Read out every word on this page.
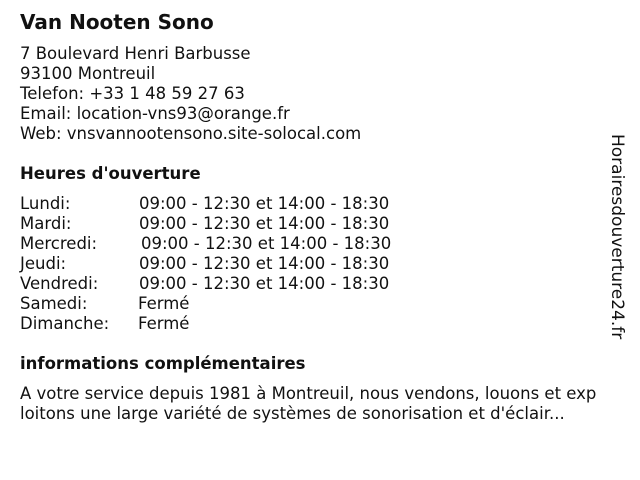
Van Nooten Sono
7 Boulevard Henri Barbusse
93100 Montreuil
Telefon: +33 1 48 59 27 63
Email: location-vns93@orange.fr
Web: vnsvannootensono.site-solocal.com
Heures d'ouverture
Lundi:	09:00 - 12:30 et 14:00 - 18:30
Mardi:	09:00 - 12:30 et 14:00 - 18:30
Mercredi:	09:00 - 12:30 et 14:00 - 18:30
Jeudi:	09:00 - 12:30 et 14:00 - 18:30
Vendredi: 09:00 - 12:30 et 14:00 - 18:30
Samedi:	Fermé
Dimanche: Fermé
informations complémentaires
A votre service depuis 1981 à Montreuil, nous vendons, louons et exp
loitons une large variété de systèmes de sonorisation et d'éclair...
Horairesdouverture24.fr
